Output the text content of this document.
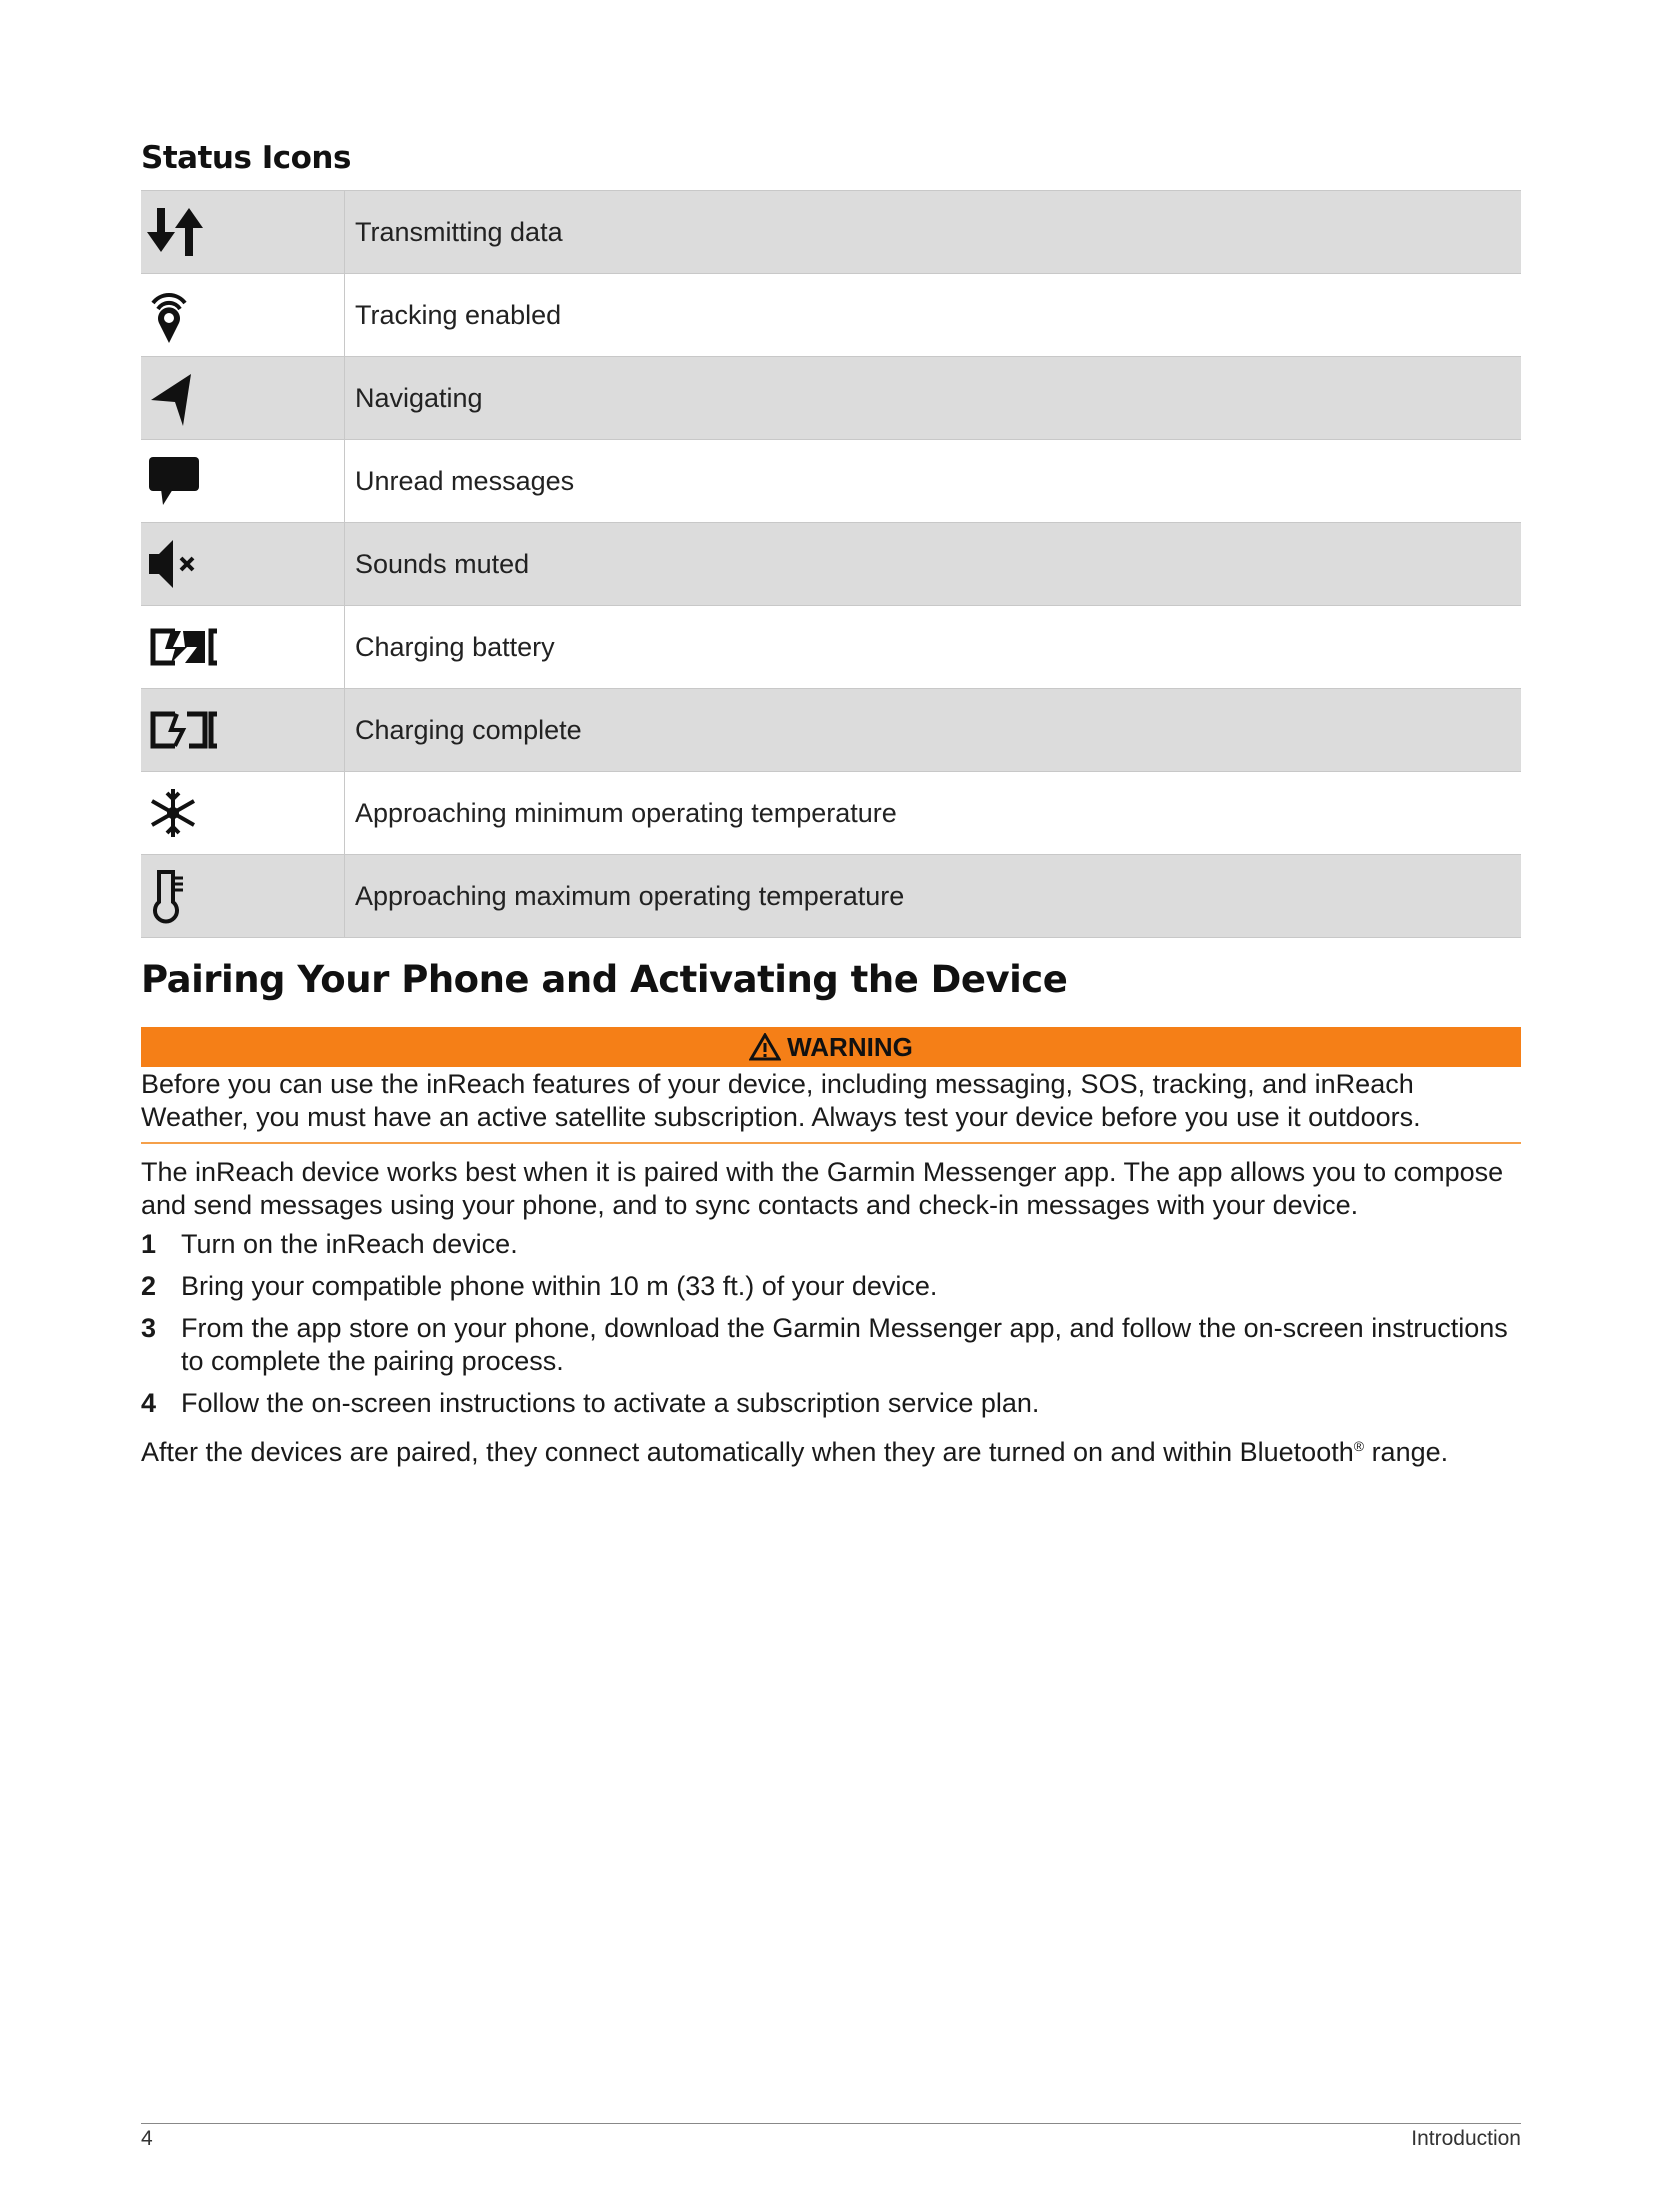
Status Icons
	Transmitting data

	Tracking enabled

	Navigating

	Unread messages

	Sounds muted

	Charging battery

	Charging complete

	Approaching minimum operating temperature

	Approaching maximum operating temperature
Pairing Your Phone and Activating the Device
WARNING
Before you can use the inReach features of your device, including messaging, SOS, tracking, and inReach Weather, you must have an active satellite subscription. Always test your device before you use it outdoors.
The inReach device works best when it is paired with the Garmin Messenger app. The app allows you to compose and send messages using your phone, and to sync contacts and check-in messages with your device.
1 Turn on the inReach device.
2 Bring your compatible phone within 10 m (33 ft.) of your device.
3 From the app store on your phone, download the Garmin Messenger app, and follow the on-screen instructions to complete the pairing process.
4 Follow the on-screen instructions to activate a subscription service plan.
After the devices are paired, they connect automatically when they are turned on and within Bluetooth® range.
4	Introduction
